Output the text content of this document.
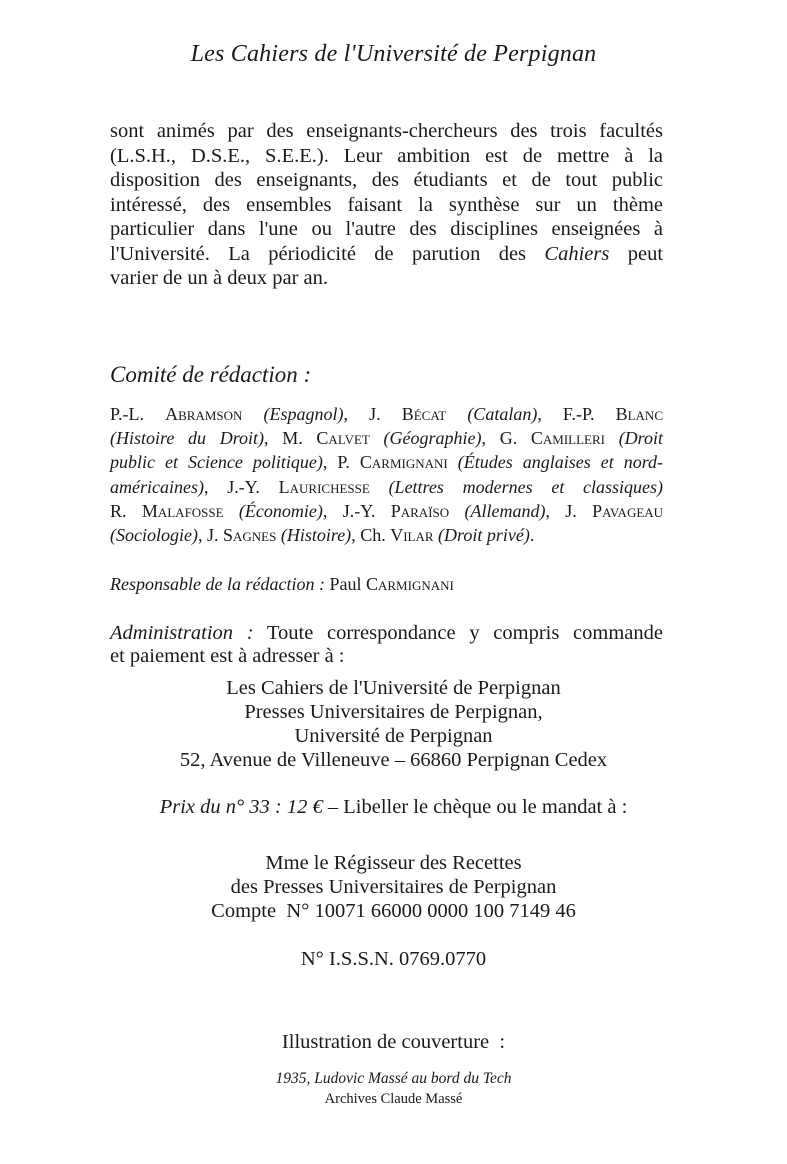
Les Cahiers de l'Université de Perpignan
sont animés par des enseignants-chercheurs des trois facultés
(L.S.H., D.S.E., S.E.E.). Leur ambition est de mettre à la
disposition des enseignants, des étudiants et de tout public
intéressé, des ensembles faisant la synthèse sur un thème
particulier dans l'une ou l'autre des disciplines enseignées à
l'Université. La périodicité de parution des Cahiers peut
varier de un à deux par an.
Comité de rédaction :
P.-L. Abramson (Espagnol), J. Bécat (Catalan), F.-P. Blanc
(Histoire du Droit), M. Calvet (Géographie), G. Camilleri (Droit
public et Science politique), P. Carmignani (Études anglaises et nord-
américaines), J.-Y. Laurichesse (Lettres modernes et classiques)
R. Malafosse (Économie), J.-Y. Paraïso (Allemand), J. Pavageau
(Sociologie), J. Sagnes (Histoire), Ch. Vilar (Droit privé).
Responsable de la rédaction : Paul Carmignani
Administration : Toute correspondance y compris commande
et paiement est à adresser à :
Les Cahiers de l'Université de Perpignan
Presses Universitaires de Perpignan,
Université de Perpignan
52, Avenue de Villeneuve – 66860 Perpignan Cedex
Prix du n° 33 : 12 € – Libeller le chèque ou le mandat à :
Mme le Régisseur des Recettes
des Presses Universitaires de Perpignan
Compte  N° 10071 66000 0000 100 7149 46
N° I.S.S.N. 0769.0770
Illustration de couverture  :
1935, Ludovic Massé au bord du Tech
Archives Claude Massé
